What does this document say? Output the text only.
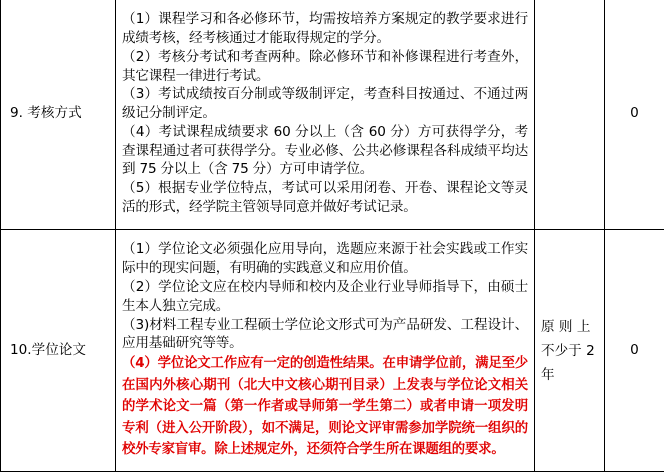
9. 考核方式	（1）课程学习和各必修环节，均需按培养方案规定的教学要求进行成绩考核，经考核通过才能取得规定的学分。

（2）考核分考试和考查两种。除必修环节和补修课程进行考查外，其它课程一律进行考试。

（3）考试成绩按百分制或等级制评定，考查科目按通过、不通过两级记分制评定。

（4）考试课程成绩要求 60 分以上（含 60 分）方可获得学分，考查课程通过者可获得学分。专业必修、公共必修课程各科成绩平均达到 75 分以上（含 75 分）方可申请学位。

（5）根据专业学位特点，考试可以采用闭卷、开卷、课程论文等灵活的形式，经学院主管领导同意并做好考试记录。		0
10.学位论文	（1）学位论文必须强化应用导向，选题应来源于社会实践或工作实际中的现实问题，有明确的实践意义和应用价值。

（2）学位论文应在校内导师和校内及企业行业导师指导下，由硕士生本人独立完成。

（3)材料工程专业工程硕士学位论文形式可为产品研发、工程设计、应用基础研究等等。

（4）学位论文工作应有一定的创造性结果。在申请学位前，满足至少在国内外核心期刊（北大中文核心期刊目录）上发表与学位论文相关的学术论文一篇（第一作者或导师第一学生第二）或者申请一项发明专利（进入公开阶段），如不满足，则论文评审需参加学院统一组织的校外专家盲审。除上述规定外，还须符合学生所在课题组的要求。	原 则 上不少于 2 年	0
